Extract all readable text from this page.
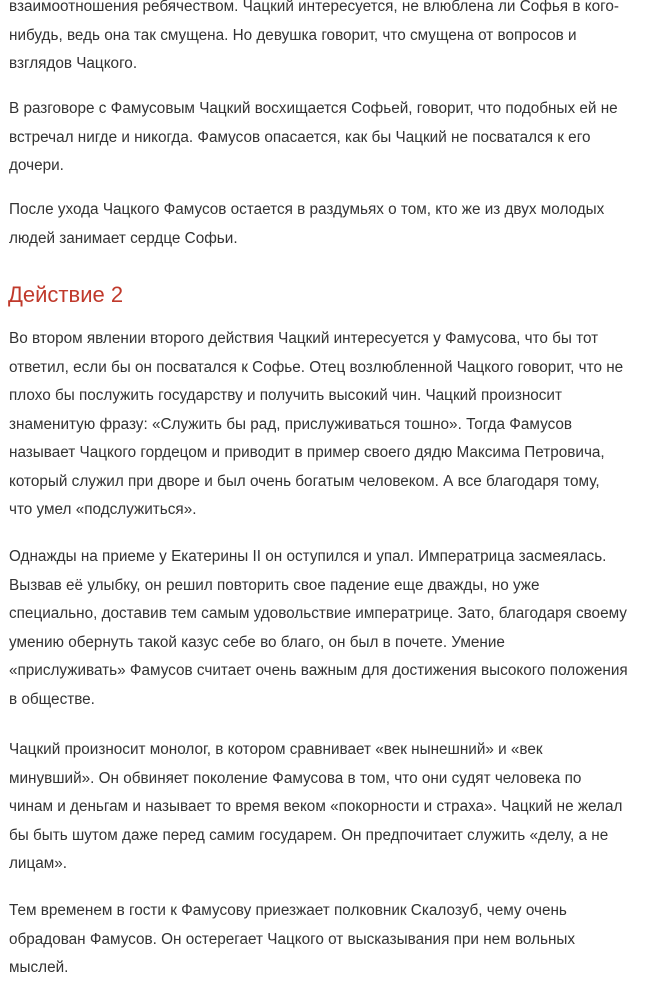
взаимоотношения ребячеством. Чацкий интересуется, не влюблена ли Софья в кого-
нибудь, ведь она так смущена. Но девушка говорит, что смущена от вопросов и
взглядов Чацкого.

В разговоре с Фамусовым Чацкий восхищается Софьей, говорит, что подобных ей не
встречал нигде и никогда. Фамусов опасается, как бы Чацкий не посватался к его
дочери.

После ухода Чацкого Фамусов остается в раздумьях о том, кто же из двух молодых
людей занимает сердце Софьи.

Действие 2

Во втором явлении второго действия Чацкий интересуется у Фамусова, что бы тот
ответил, если бы он посватался к Софье. Отец возлюбленной Чацкого говорит, что не
плохо бы послужить государству и получить высокий чин. Чацкий произносит
знаменитую фразу: «Служить бы рад, прислуживаться тошно». Тогда Фамусов
называет Чацкого гордецом и приводит в пример своего дядю Максима Петровича,
который служил при дворе и был очень богатым человеком. А все благодаря тому,
что умел «подслужиться».

Однажды на приеме у Екатерины II он оступился и упал. Императрица засмеялась.
Вызвав её улыбку, он решил повторить свое падение еще дважды, но уже
специально, доставив тем самым удовольствие императрице. Зато, благодаря своему
умению обернуть такой казус себе во благо, он был в почете. Умение
«прислуживать» Фамусов считает очень важным для достижения высокого положения
в обществе.

Чацкий произносит монолог, в котором сравнивает «век нынешний» и «век
минувший». Он обвиняет поколение Фамусова в том, что они судят человека по
чинам и деньгам и называет то время веком «покорности и страха». Чацкий не желал
бы быть шутом даже перед самим государем. Он предпочитает служить «делу, а не
лицам».

Тем временем в гости к Фамусову приезжает полковник Скалозуб, чему очень
обрадован Фамусов. Он остерегает Чацкого от высказывания при нем вольных
мыслей.
